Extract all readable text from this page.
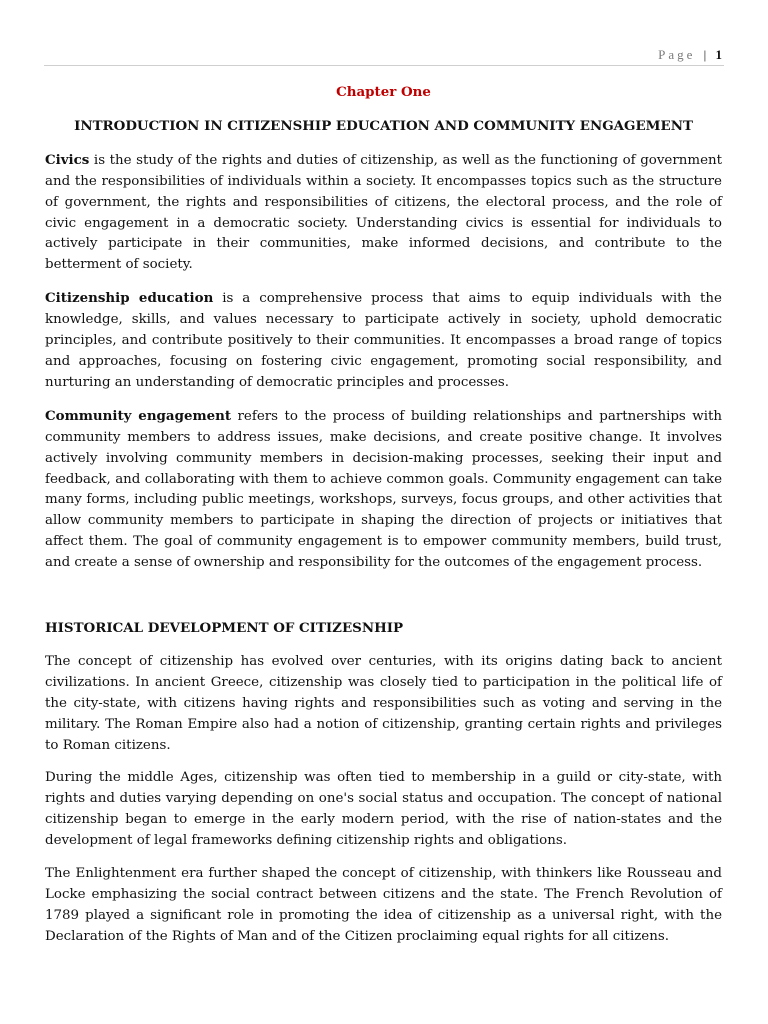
Page | 1
Chapter One
INTRODUCTION IN CITIZENSHIP EDUCATION AND COMMUNITY ENGAGEMENT

Civics is the study of the rights and duties of citizenship, as well as the functioning of government and the responsibilities of individuals within a society. It encompasses topics such as the structure of government, the rights and responsibilities of citizens, the electoral process, and the role of civic engagement in a democratic society. Understanding civics is essential for individuals to actively participate in their communities, make informed decisions, and contribute to the betterment of society.

Citizenship education is a comprehensive process that aims to equip individuals with the knowledge, skills, and values necessary to participate actively in society, uphold democratic principles, and contribute positively to their communities. It encompasses a broad range of topics and approaches, focusing on fostering civic engagement, promoting social responsibility, and nurturing an understanding of democratic principles and processes.

Community engagement refers to the process of building relationships and partnerships with community members to address issues, make decisions, and create positive change. It involves actively involving community members in decision-making processes, seeking their input and feedback, and collaborating with them to achieve common goals. Community engagement can take many forms, including public meetings, workshops, surveys, focus groups, and other activities that allow community members to participate in shaping the direction of projects or initiatives that affect them. The goal of community engagement is to empower community members, build trust, and create a sense of ownership and responsibility for the outcomes of the engagement process.

HISTORICAL DEVELOPMENT OF CITIZESNHIP

The concept of citizenship has evolved over centuries, with its origins dating back to ancient civilizations. In ancient Greece, citizenship was closely tied to participation in the political life of the city-state, with citizens having rights and responsibilities such as voting and serving in the military. The Roman Empire also had a notion of citizenship, granting certain rights and privileges to Roman citizens.

During the middle Ages, citizenship was often tied to membership in a guild or city-state, with rights and duties varying depending on one's social status and occupation. The concept of national citizenship began to emerge in the early modern period, with the rise of nation-states and the development of legal frameworks defining citizenship rights and obligations.

The Enlightenment era further shaped the concept of citizenship, with thinkers like Rousseau and Locke emphasizing the social contract between citizens and the state. The French Revolution of 1789 played a significant role in promoting the idea of citizenship as a universal right, with the Declaration of the Rights of Man and of the Citizen proclaiming equal rights for all citizens.
